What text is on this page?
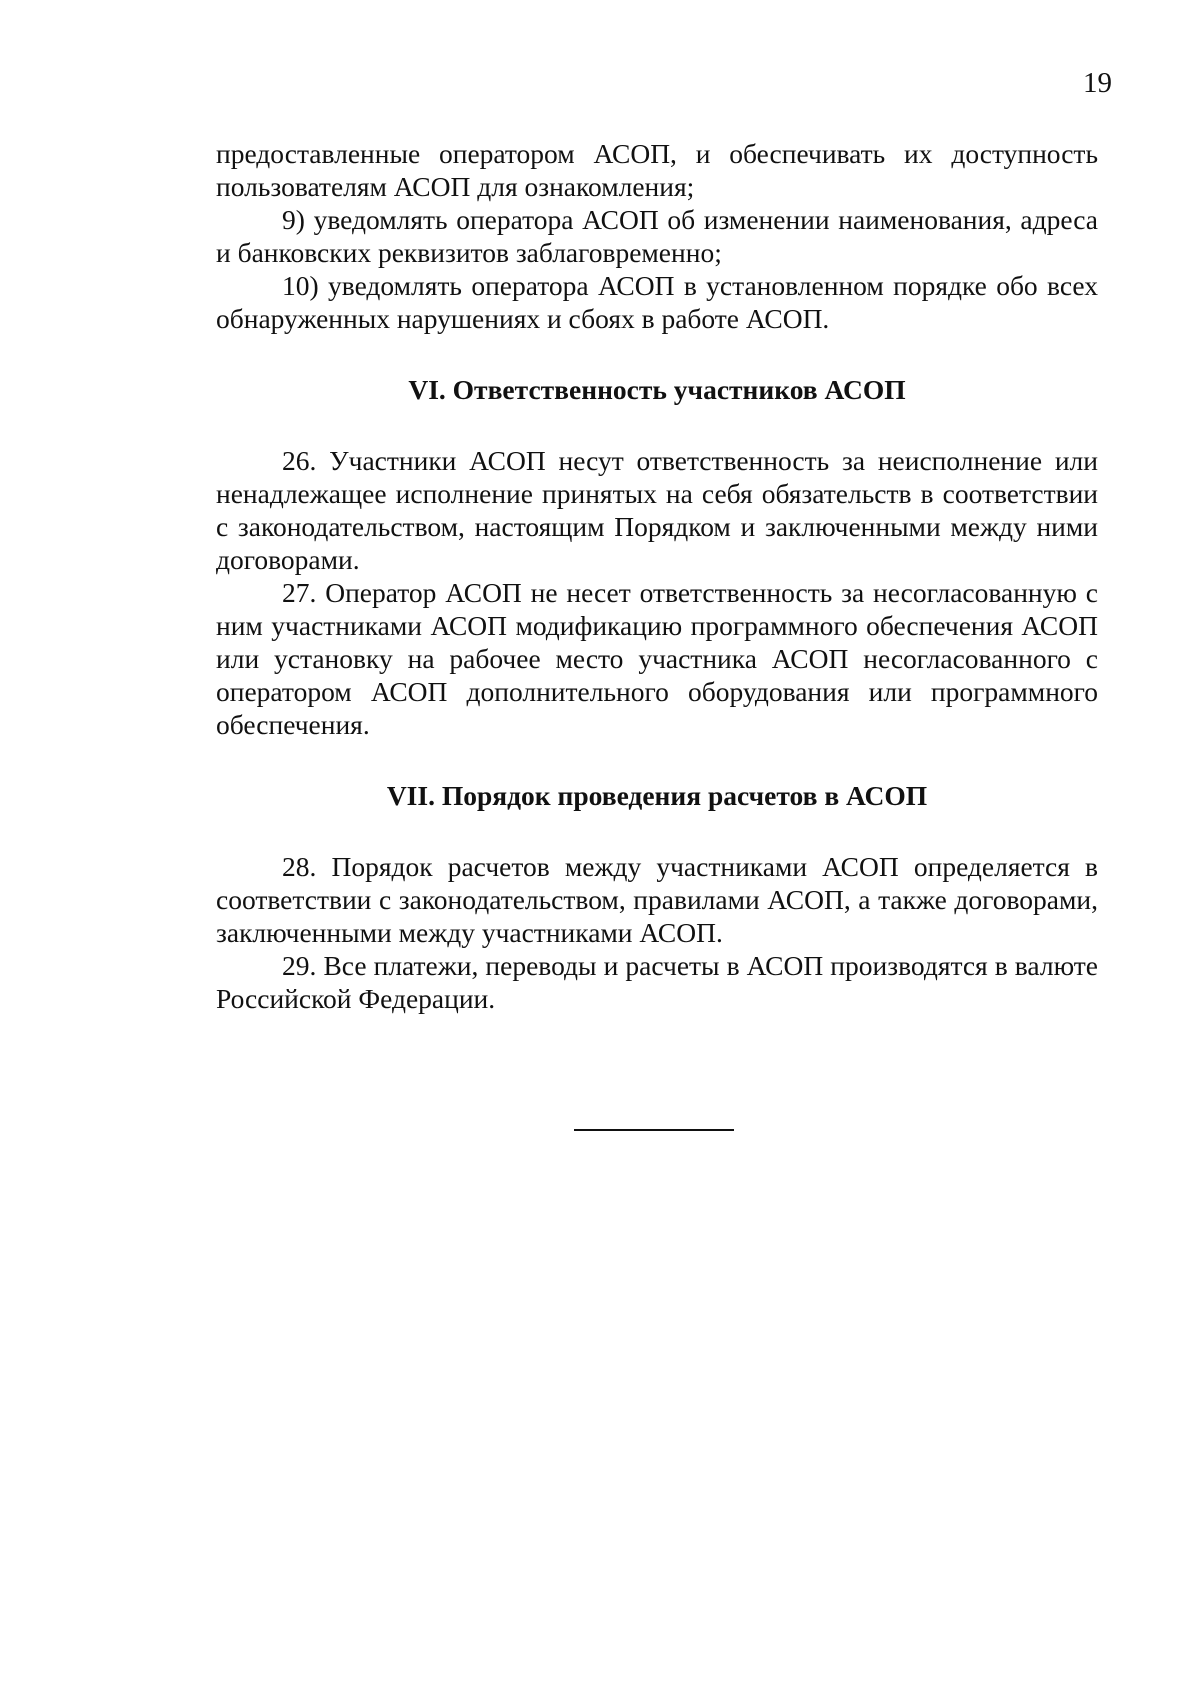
19

предоставленные оператором АСОП, и обеспечивать их доступность пользователям АСОП для ознакомления;

9) уведомлять оператора АСОП об изменении наименования, адреса и банковских реквизитов заблаговременно;

10) уведомлять оператора АСОП в установленном порядке обо всех обнаруженных нарушениях и сбоях в работе АСОП.

VI. Ответственность участников АСОП

26. Участники АСОП несут ответственность за неисполнение или ненадлежащее исполнение принятых на себя обязательств в соответствии с законодательством, настоящим Порядком и заключенными между ними договорами.

27. Оператор АСОП не несет ответственность за несогласованную с ним участниками АСОП модификацию программного обеспечения АСОП или установку на рабочее место участника АСОП несогласованного с оператором АСОП дополнительного оборудования или программного обеспечения.

VII. Порядок проведения расчетов в АСОП

28. Порядок расчетов между участниками АСОП определяется в соответствии с законодательством, правилами АСОП, а также договорами, заключенными между участниками АСОП.

29. Все платежи, переводы и расчеты в АСОП производятся в валюте Российской Федерации.
